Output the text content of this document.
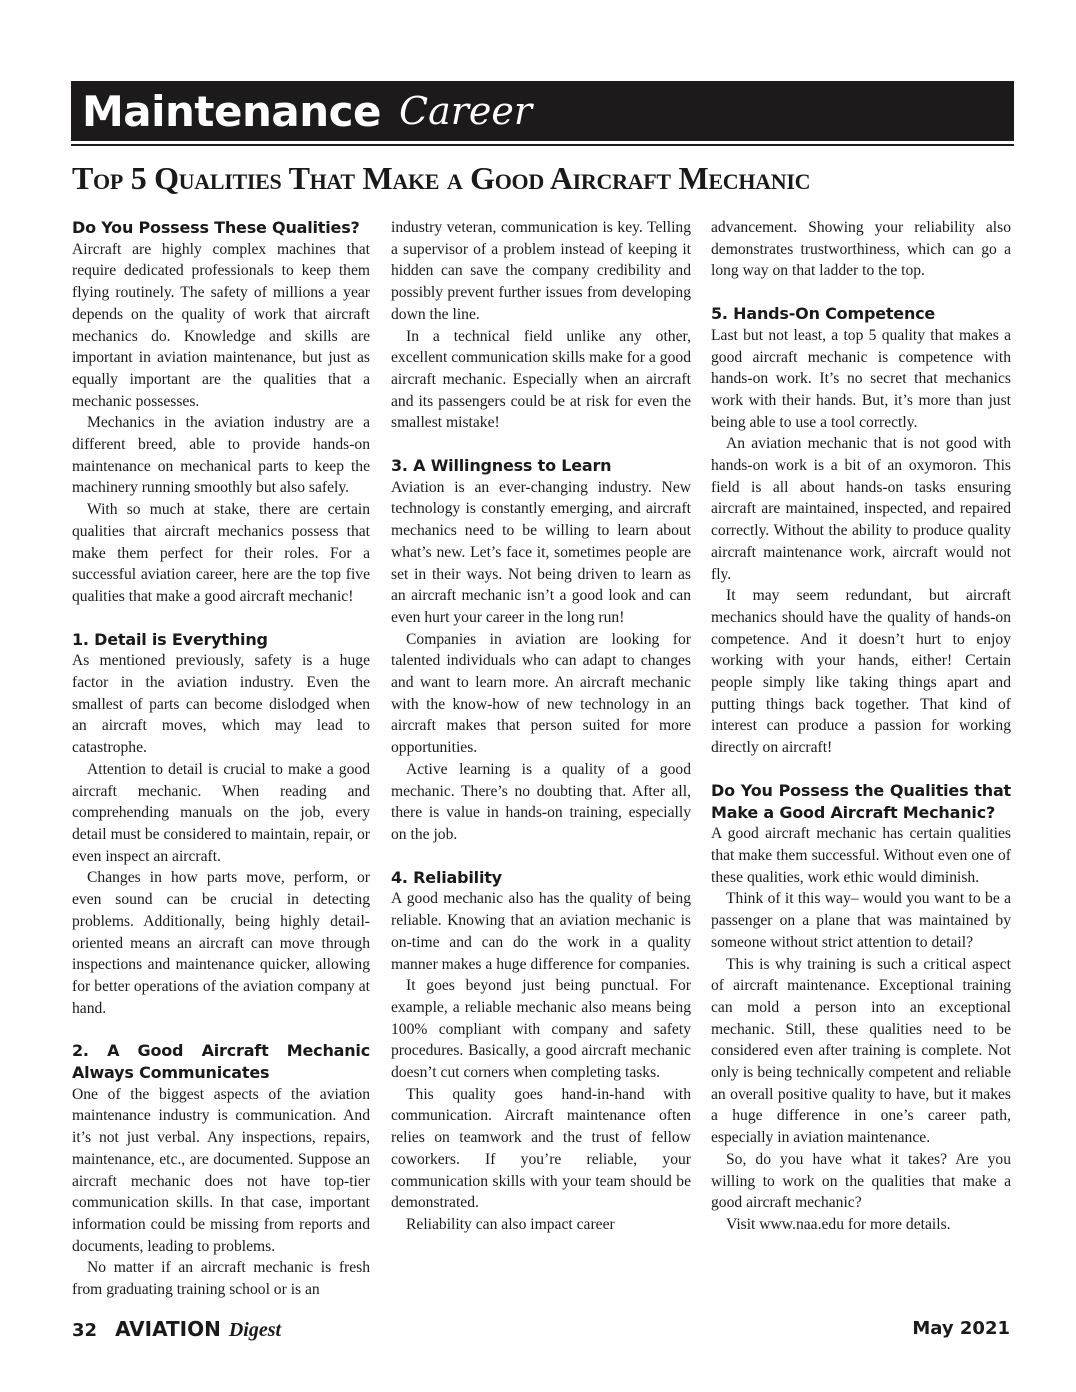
Maintenance Career
Top 5 Qualities That Make a Good Aircraft Mechanic
Do You Possess These Qualities?

Aircraft are highly complex machines that require dedicated professionals to keep them flying routinely. The safety of millions a year depends on the quality of work that aircraft mechanics do. Knowledge and skills are important in aviation maintenance, but just as equally important are the qualities that a mechanic possesses.

Mechanics in the aviation industry are a different breed, able to provide hands-on maintenance on mechanical parts to keep the machinery running smoothly but also safely.

With so much at stake, there are certain qualities that aircraft mechanics possess that make them perfect for their roles. For a successful aviation career, here are the top five qualities that make a good aircraft mechanic!

1. Detail is Everything

As mentioned previously, safety is a huge factor in the aviation industry. Even the smallest of parts can become dislodged when an aircraft moves, which may lead to catastrophe.

Attention to detail is crucial to make a good aircraft mechanic. When reading and comprehending manuals on the job, every detail must be considered to maintain, repair, or even inspect an aircraft.

Changes in how parts move, perform, or even sound can be crucial in detecting problems. Additionally, being highly detail-oriented means an aircraft can move through inspections and maintenance quicker, allowing for better operations of the aviation company at hand.

2. A Good Aircraft Mechanic Always Communicates

One of the biggest aspects of the aviation maintenance industry is communication. And it’s not just verbal. Any inspections, repairs, maintenance, etc., are documented. Suppose an aircraft mechanic does not have top-tier communication skills. In that case, important information could be missing from reports and documents, leading to problems.

No matter if an aircraft mechanic is fresh from graduating training school or is an

industry veteran, communication is key. Telling a supervisor of a problem instead of keeping it hidden can save the company credibility and possibly prevent further issues from developing down the line.

In a technical field unlike any other, excellent communication skills make for a good aircraft mechanic. Especially when an aircraft and its passengers could be at risk for even the smallest mistake!

3. A Willingness to Learn

Aviation is an ever-changing industry. New technology is constantly emerging, and aircraft mechanics need to be willing to learn about what’s new. Let’s face it, sometimes people are set in their ways. Not being driven to learn as an aircraft mechanic isn’t a good look and can even hurt your career in the long run!

Companies in aviation are looking for talented individuals who can adapt to changes and want to learn more. An aircraft mechanic with the know-how of new technology in an aircraft makes that person suited for more opportunities.

Active learning is a quality of a good mechanic. There’s no doubting that. After all, there is value in hands-on training, especially on the job.

4. Reliability

A good mechanic also has the quality of being reliable. Knowing that an aviation mechanic is on-time and can do the work in a quality manner makes a huge difference for companies.

It goes beyond just being punctual. For example, a reliable mechanic also means being 100% compliant with company and safety procedures. Basically, a good aircraft mechanic doesn’t cut corners when completing tasks.

This quality goes hand-in-hand with communication. Aircraft maintenance often relies on teamwork and the trust of fellow coworkers. If you’re reliable, your communication skills with your team should be demonstrated.

Reliability can also impact career

advancement. Showing your reliability also demonstrates trustworthiness, which can go a long way on that ladder to the top.

5. Hands-On Competence

Last but not least, a top 5 quality that makes a good aircraft mechanic is competence with hands-on work. It’s no secret that mechanics work with their hands. But, it’s more than just being able to use a tool correctly.

An aviation mechanic that is not good with hands-on work is a bit of an oxymoron. This field is all about hands-on tasks ensuring aircraft are maintained, inspected, and repaired correctly. Without the ability to produce quality aircraft maintenance work, aircraft would not fly.

It may seem redundant, but aircraft mechanics should have the quality of hands-on competence. And it doesn’t hurt to enjoy working with your hands, either! Certain people simply like taking things apart and putting things back together. That kind of interest can produce a passion for working directly on aircraft!

Do You Possess the Qualities that Make a Good Aircraft Mechanic?

A good aircraft mechanic has certain qualities that make them successful. Without even one of these qualities, work ethic would diminish.

Think of it this way– would you want to be a passenger on a plane that was maintained by someone without strict attention to detail?

This is why training is such a critical aspect of aircraft maintenance. Exceptional training can mold a person into an exceptional mechanic. Still, these qualities need to be considered even after training is complete. Not only is being technically competent and reliable an overall positive quality to have, but it makes a huge difference in one’s career path, especially in aviation maintenance.

So, do you have what it takes? Are you willing to work on the qualities that make a good aircraft mechanic?

Visit www.naa.edu for more details.

32 AVIATION Digest	May 2021
